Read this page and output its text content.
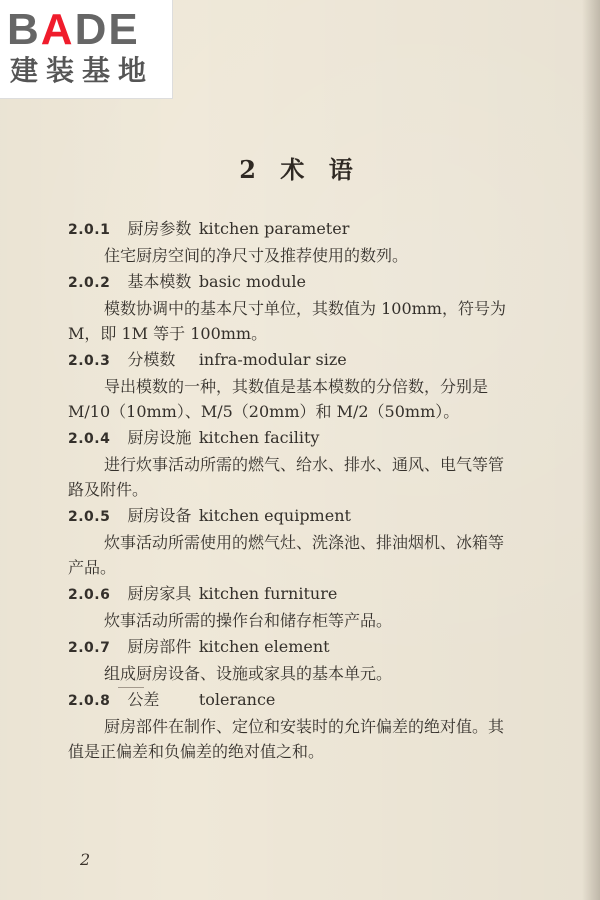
BADE
建装基地
2 术 语
2.0.1 厨房参数 kitchen parameter
住宅厨房空间的净尺寸及推荐使用的数列。
2.0.2 基本模数 basic module
模数协调中的基本尺寸单位，其数值为 100mm，符号为 M，即 1M 等于 100mm。
2.0.3 分模数 infra-modular size
导出模数的一种，其数值是基本模数的分倍数，分别是 M/10（10mm）、M/5（20mm）和 M/2（50mm）。
2.0.4 厨房设施 kitchen facility
进行炊事活动所需的燃气、给水、排水、通风、电气等管路及附件。
2.0.5 厨房设备 kitchen equipment
炊事活动所需使用的燃气灶、洗涤池、排油烟机、冰箱等产品。
2.0.6 厨房家具 kitchen furniture
炊事活动所需的操作台和储存柜等产品。
2.0.7 厨房部件 kitchen element
组成厨房设备、设施或家具的基本单元。
2.0.8 公差 tolerance
厨房部件在制作、定位和安装时的允许偏差的绝对值。其值是正偏差和负偏差的绝对值之和。
2
